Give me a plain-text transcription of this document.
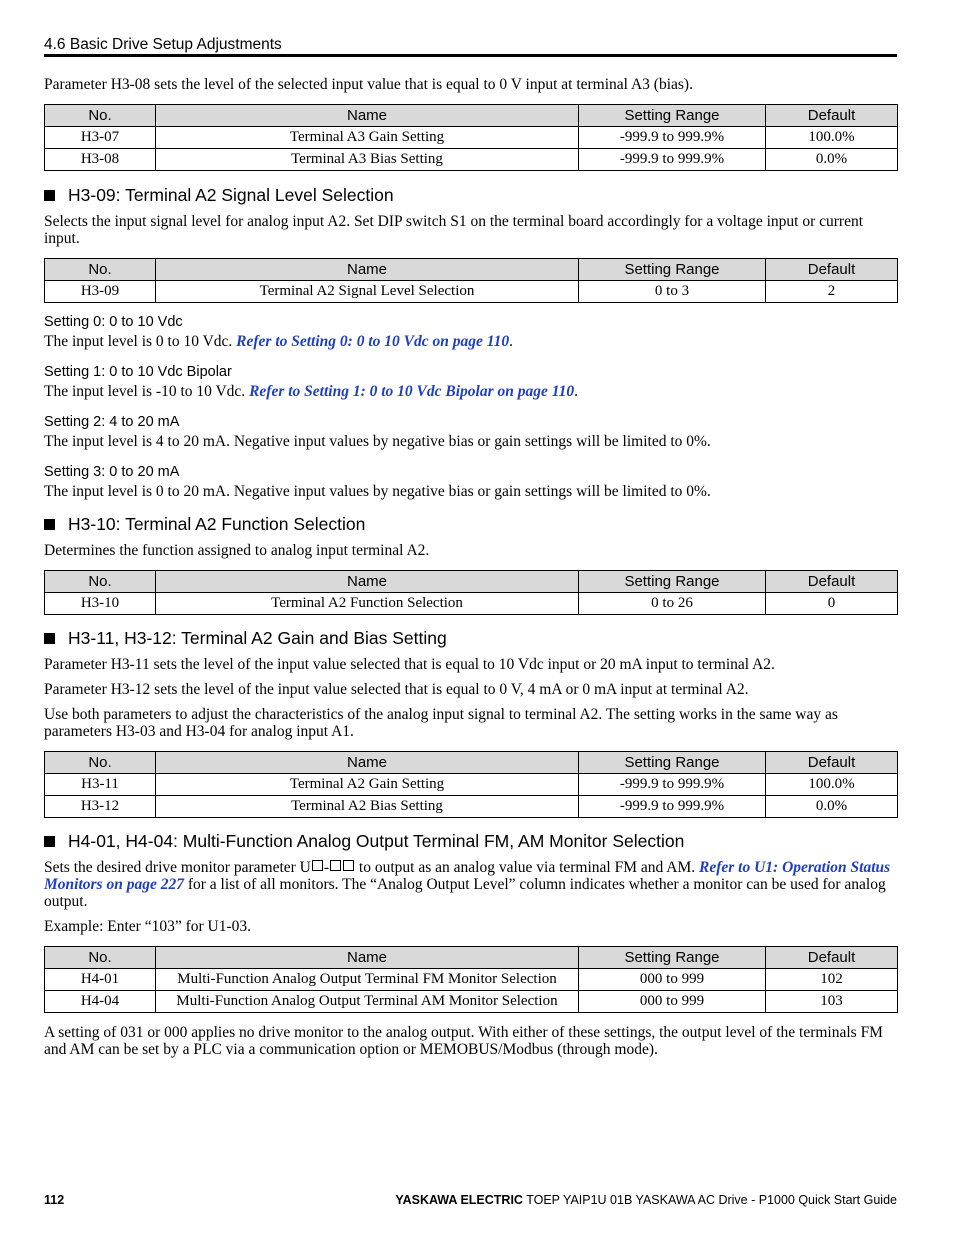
4.6 Basic Drive Setup Adjustments

Parameter H3-08 sets the level of the selected input value that is equal to 0 V input at terminal A3 (bias).

No.	Name	Setting Range	Default
H3-07	Terminal A3 Gain Setting	-999.9 to 999.9%	100.0%
H3-08	Terminal A3 Bias Setting	-999.9 to 999.9%	0.0%
H3-09: Terminal A2 Signal Level Selection

Selects the input signal level for analog input A2. Set DIP switch S1 on the terminal board accordingly for a voltage input or current input.

No.	Name	Setting Range	Default
H3-09	Terminal A2 Signal Level Selection	0 to 3	2
Setting 0: 0 to 10 Vdc

The input level is 0 to 10 Vdc. Refer to Setting 0: 0 to 10 Vdc on page 110.

Setting 1: 0 to 10 Vdc Bipolar

The input level is -10 to 10 Vdc. Refer to Setting 1: 0 to 10 Vdc Bipolar on page 110.

Setting 2: 4 to 20 mA

The input level is 4 to 20 mA. Negative input values by negative bias or gain settings will be limited to 0%.

Setting 3: 0 to 20 mA

The input level is 0 to 20 mA. Negative input values by negative bias or gain settings will be limited to 0%.

H3-10: Terminal A2 Function Selection

Determines the function assigned to analog input terminal A2.

No.	Name	Setting Range	Default
H3-10	Terminal A2 Function Selection	0 to 26	0
H3-11, H3-12: Terminal A2 Gain and Bias Setting

Parameter H3-11 sets the level of the input value selected that is equal to 10 Vdc input or 20 mA input to terminal A2.

Parameter H3-12 sets the level of the input value selected that is equal to 0 V, 4 mA or 0 mA input at terminal A2.

Use both parameters to adjust the characteristics of the analog input signal to terminal A2. The setting works in the same way as parameters H3-03 and H3-04 for analog input A1.

No.	Name	Setting Range	Default
H3-11	Terminal A2 Gain Setting	-999.9 to 999.9%	100.0%
H3-12	Terminal A2 Bias Setting	-999.9 to 999.9%	0.0%
H4-01, H4-04: Multi-Function Analog Output Terminal FM, AM Monitor Selection

Sets the desired drive monitor parameter U - to output as an analog value via terminal FM and AM. Refer to U1: Operation Status Monitors on page 227 for a list of all monitors. The “Analog Output Level” column indicates whether a monitor can be used for analog output.

Example: Enter “103” for U1-03.

No.	Name	Setting Range	Default
H4-01	Multi-Function Analog Output Terminal FM Monitor Selection	000 to 999	102
H4-04	Multi-Function Analog Output Terminal AM Monitor Selection	000 to 999	103

A setting of 031 or 000 applies no drive monitor to the analog output. With either of these settings, the output level of the terminals FM and AM can be set by a PLC via a communication option or MEMOBUS/Modbus (through mode).

112	YASKAWA ELECTRIC TOEP YAIP1U 01B YASKAWA AC Drive - P1000 Quick Start Guide
